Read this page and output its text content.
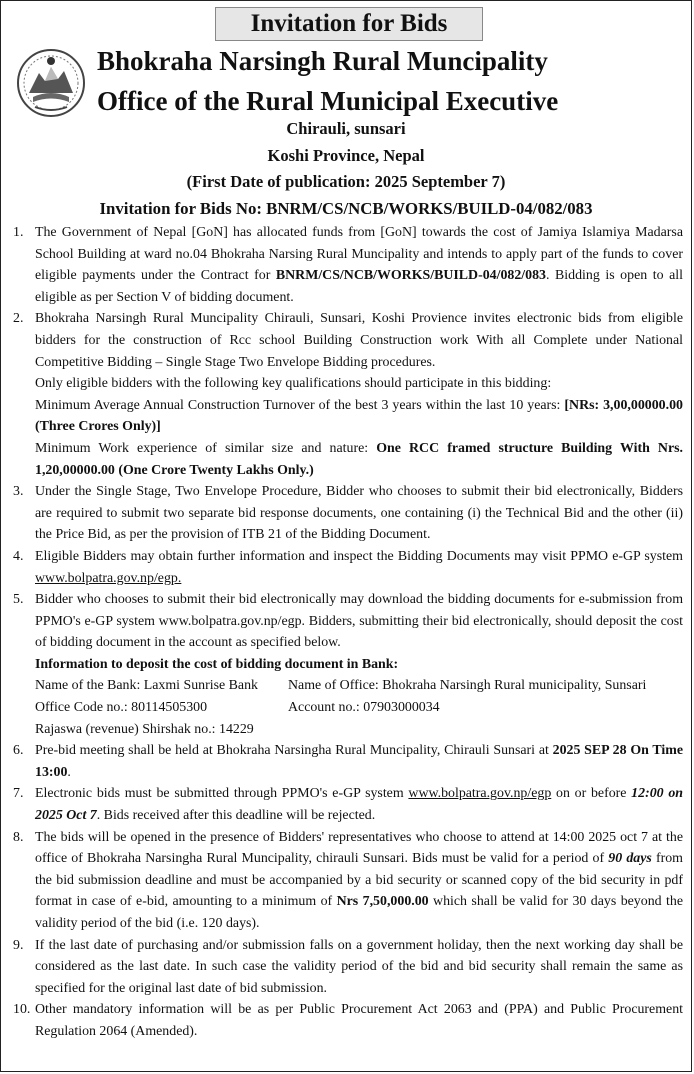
Invitation for Bids
Bhokraha Narsingh Rural Muncipality
Office of the Rural Municipal Executive
Chirauli, sunsari
Koshi Province, Nepal
(First Date of publication: 2025 September 7)
Invitation for Bids No: BNRM/CS/NCB/WORKS/BUILD-04/082/083
1. The Government of Nepal [GoN] has allocated funds from [GoN] towards the cost of Jamiya Islamiya Madarsa School Building at ward no.04 Bhokraha Narsing Rural Muncipality and intends to apply part of the funds to cover eligible payments under the Contract for BNRM/CS/NCB/WORKS/BUILD-04/082/083. Bidding is open to all eligible as per Section V of bidding document.
2. Bhokraha Narsingh Rural Muncipality Chirauli, Sunsari, Koshi Provience invites electronic bids from eligible bidders for the construction of Rcc school Building Construction work With all Complete under National Competitive Bidding – Single Stage Two Envelope Bidding procedures.
Only eligible bidders with the following key qualifications should participate in this bidding:
Minimum Average Annual Construction Turnover of the best 3 years within the last 10 years: [NRs: 3,00,00000.00 (Three Crores Only)]
Minimum Work experience of similar size and nature: One RCC framed structure Building With Nrs. 1,20,00000.00 (One Crore Twenty Lakhs Only.)
3. Under the Single Stage, Two Envelope Procedure, Bidder who chooses to submit their bid electronically, Bidders are required to submit two separate bid response documents, one containing (i) the Technical Bid and the other (ii) the Price Bid, as per the provision of ITB 21 of the Bidding Document.
4. Eligible Bidders may obtain further information and inspect the Bidding Documents may visit PPMO e-GP system www.bolpatra.gov.np/egp.
5. Bidder who chooses to submit their bid electronically may download the bidding documents for e-submission from PPMO's e-GP system www.bolpatra.gov.np/egp. Bidders, submitting their bid electronically, should deposit the cost of bidding document in the account as specified below.
Information to deposit the cost of bidding document in Bank:
Name of the Bank: Laxmi Sunrise Bank	Name of Office: Bhokraha Narsingh Rural municipality, Sunsari
Office Code no.: 80114505300	Account no.: 07903000034
Rajaswa (revenue) Shirshak no.: 14229
6. Pre-bid meeting shall be held at Bhokraha Narsingha Rural Muncipality, Chirauli Sunsari at 2025 SEP 28 On Time 13:00.
7. Electronic bids must be submitted through PPMO's e-GP system www.bolpatra.gov.np/egp on or before 12:00 on 2025 Oct 7. Bids received after this deadline will be rejected.
8. The bids will be opened in the presence of Bidders' representatives who choose to attend at 14:00 2025 oct 7 at the office of Bhokraha Narsingha Rural Muncipality, chirauli Sunsari. Bids must be valid for a period of 90 days from the bid submission deadline and must be accompanied by a bid security or scanned copy of the bid security in pdf format in case of e-bid, amounting to a minimum of Nrs 7,50,000.00 which shall be valid for 30 days beyond the validity period of the bid (i.e. 120 days).
9. If the last date of purchasing and/or submission falls on a government holiday, then the next working day shall be considered as the last date. In such case the validity period of the bid and bid security shall remain the same as specified for the original last date of bid submission.
10. Other mandatory information will be as per Public Procurement Act 2063 and (PPA) and Public Procurement Regulation 2064 (Amended).
